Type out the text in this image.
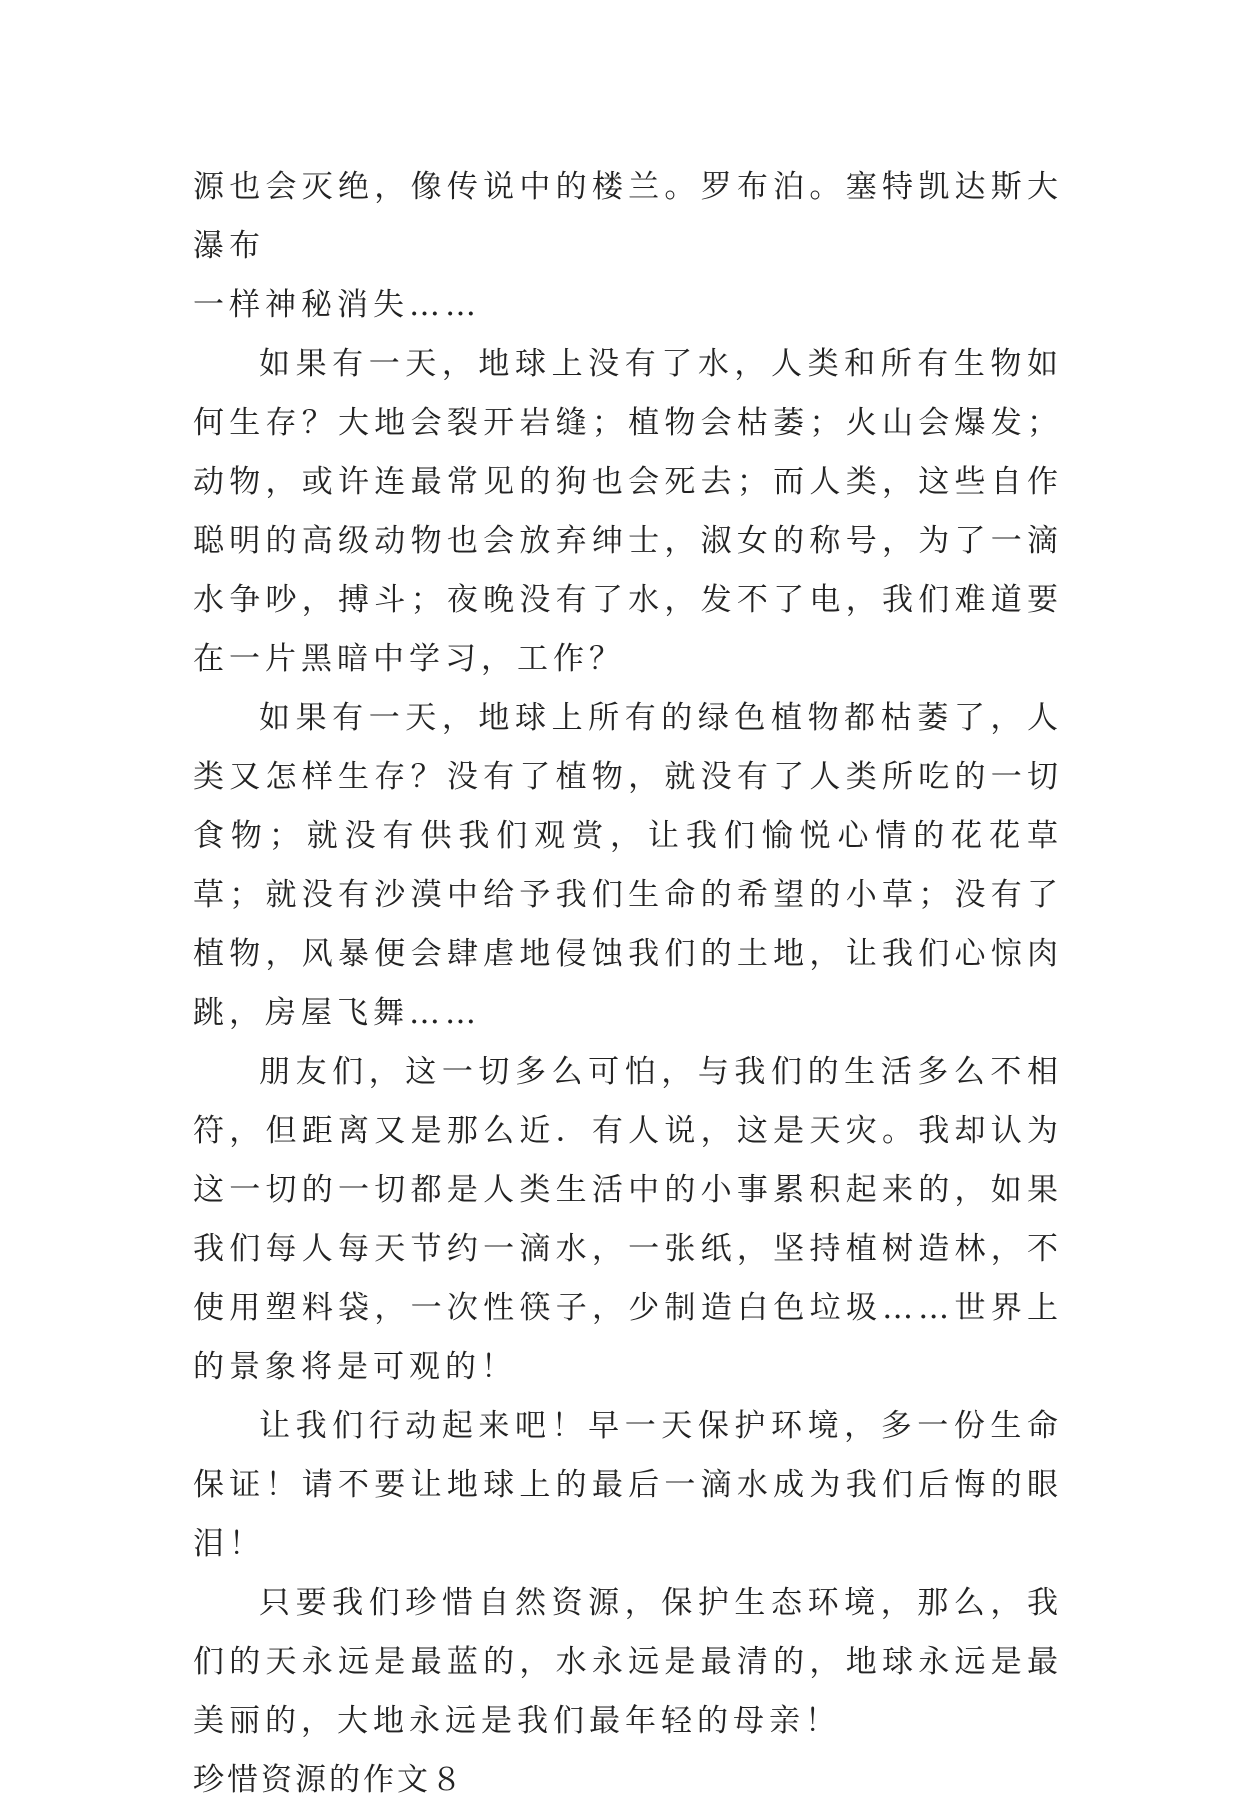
源也会灭绝，像传说中的楼兰。罗布泊。塞特凯达斯大瀑布
一样神秘消失……

如果有一天，地球上没有了水，人类和所有生物如何生存？大地会裂开岩缝；植物会枯萎；火山会爆发；动物，或许连最常见的狗也会死去；而人类，这些自作聪明的高级动物也会放弃绅士，淑女的称号，为了一滴水争吵，搏斗；夜晚没有了水，发不了电，我们难道要在一片黑暗中学习，工作？

如果有一天，地球上所有的绿色植物都枯萎了，人类又怎样生存？没有了植物，就没有了人类所吃的一切食物；就没有供我们观赏，让我们愉悦心情的花花草草；就没有沙漠中给予我们生命的希望的小草；没有了植物，风暴便会肆虐地侵蚀我们的土地，让我们心惊肉跳，房屋飞舞……

朋友们，这一切多么可怕，与我们的生活多么不相符，但距离又是那么近．有人说，这是天灾。我却认为这一切的一切都是人类生活中的小事累积起来的，如果我们每人每天节约一滴水，一张纸，坚持植树造林，不使用塑料袋，一次性筷子，少制造白色垃圾……世界上的景象将是可观的！

让我们行动起来吧！早一天保护环境，多一份生命保证！请不要让地球上的最后一滴水成为我们后悔的眼泪！

只要我们珍惜自然资源，保护生态环境，那么，我们的天永远是最蓝的，水永远是最清的，地球永远是最美丽的，大地永远是我们最年轻的母亲！

珍惜资源的作文８
